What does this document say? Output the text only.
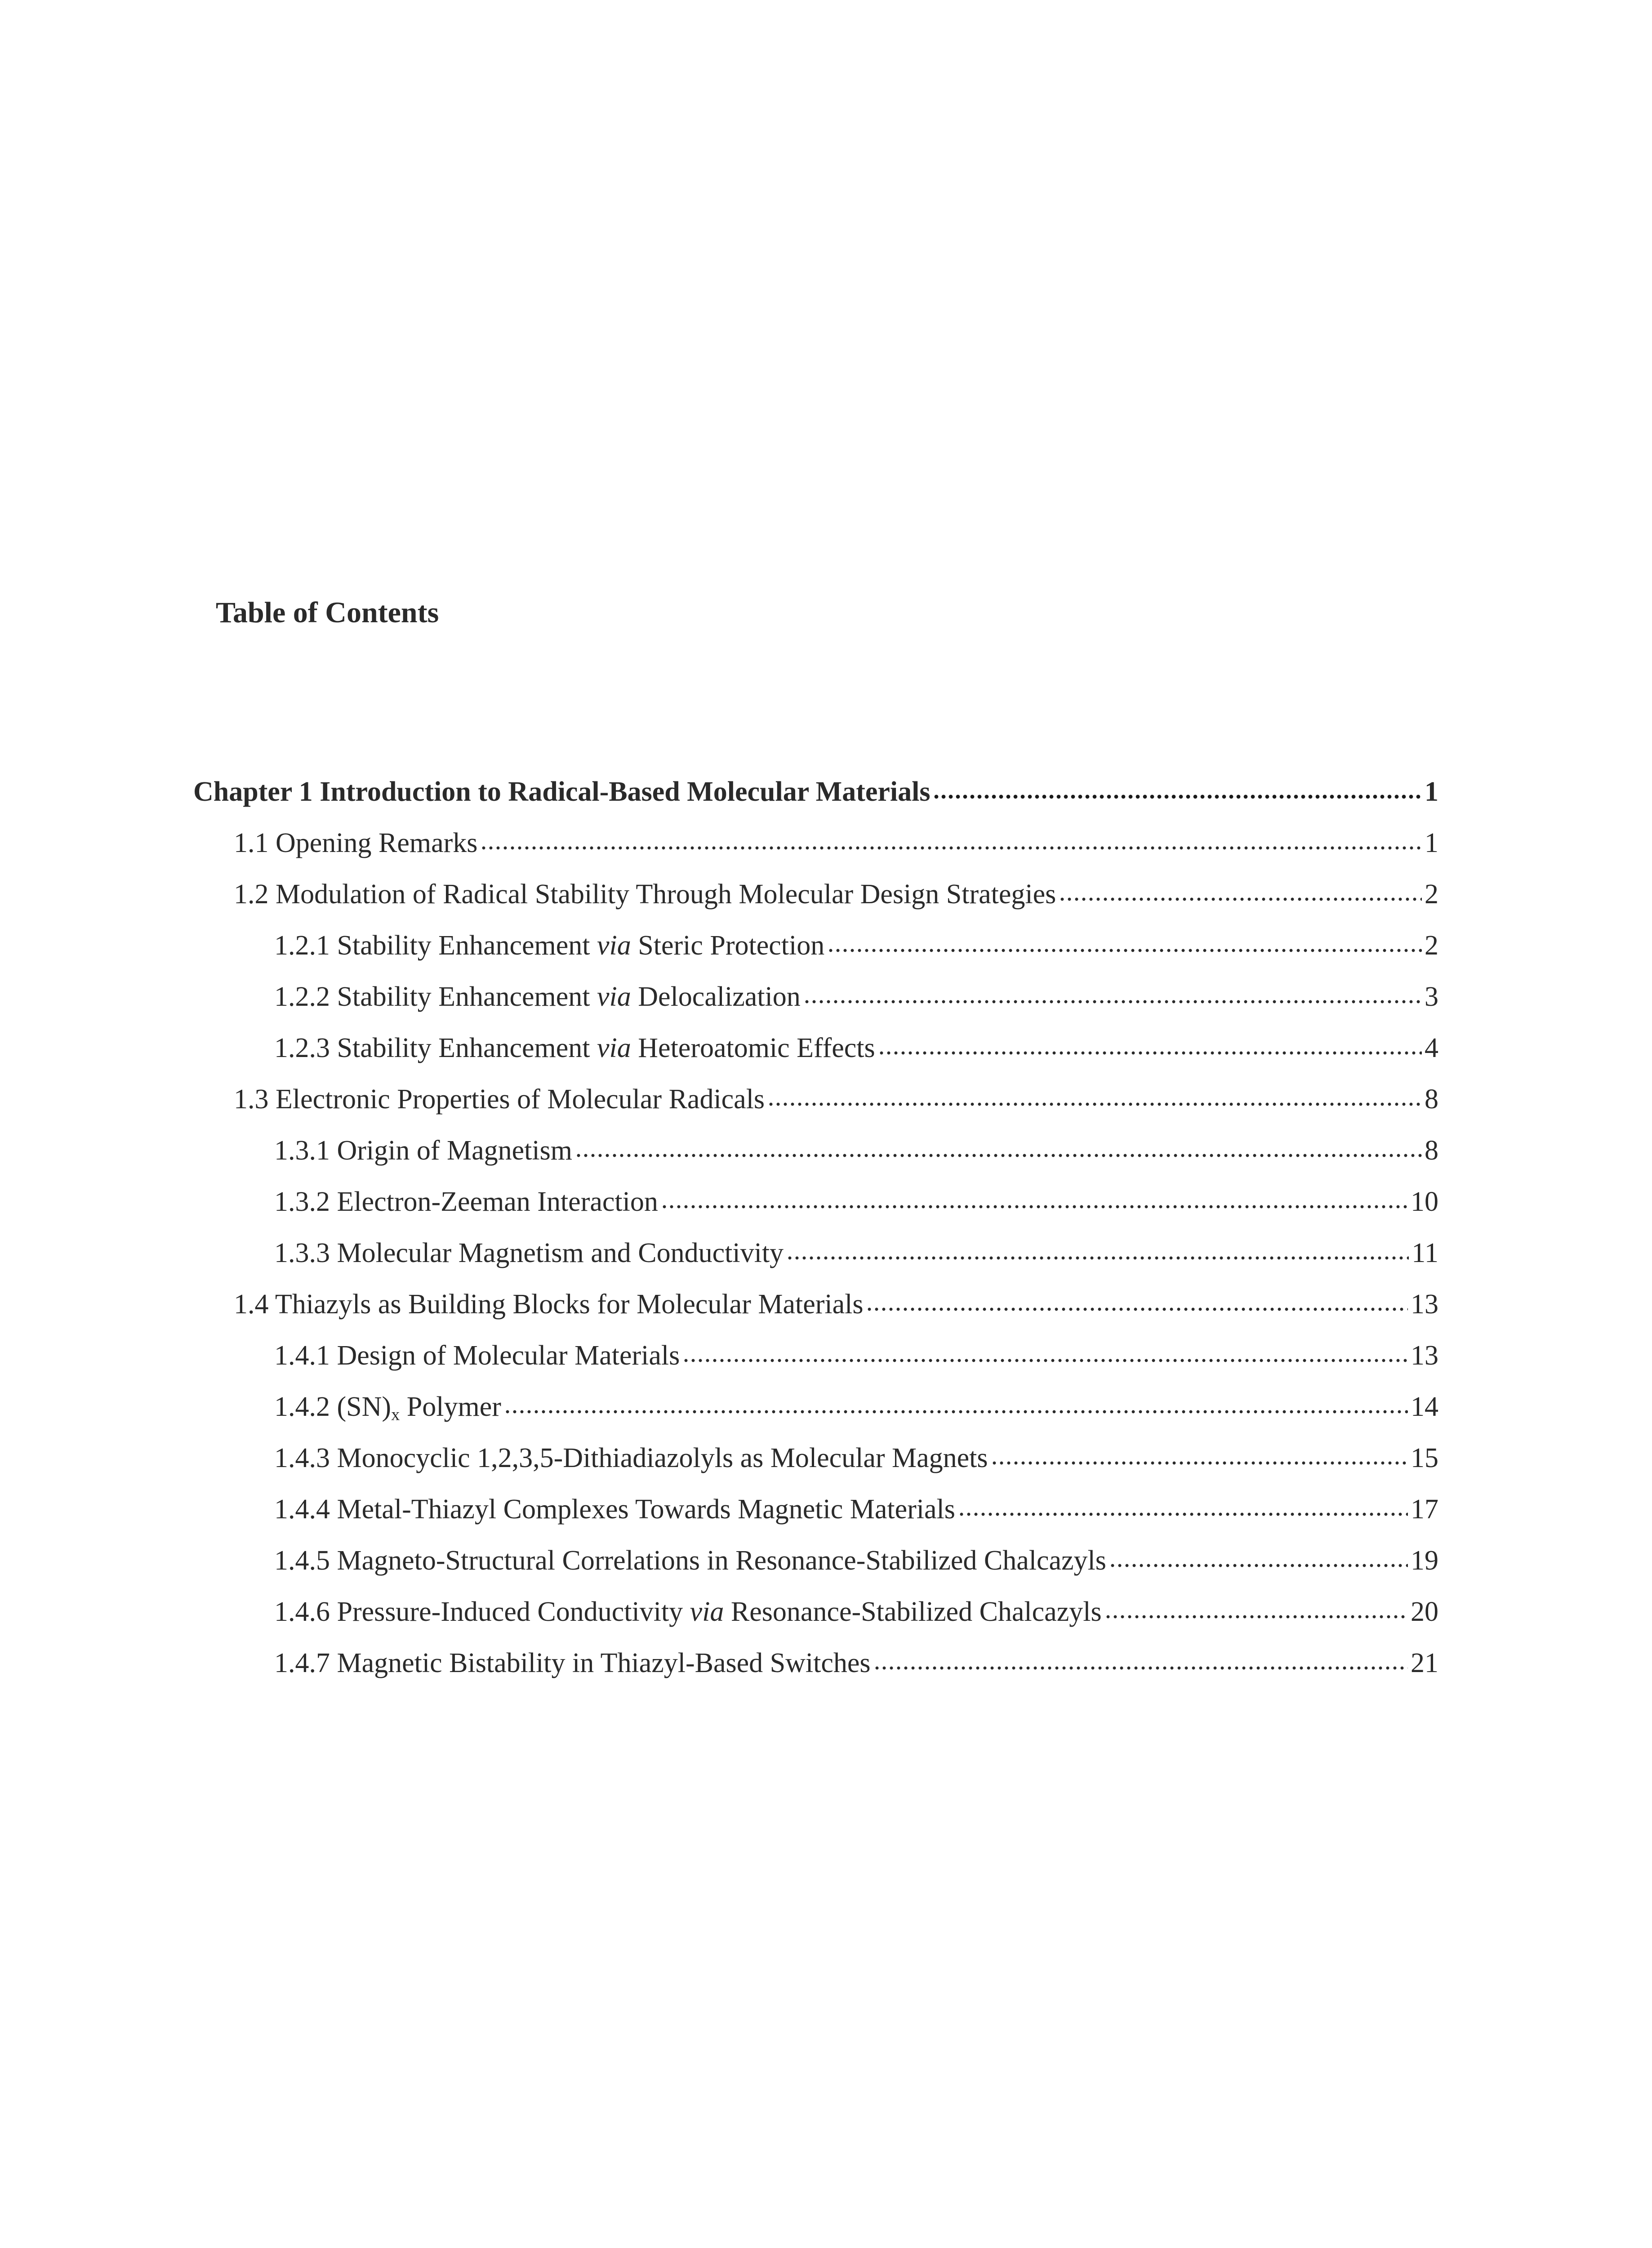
Table of Contents
Chapter 1 Introduction to Radical-Based Molecular Materials	1
1.1 Opening Remarks	1
1.2 Modulation of Radical Stability Through Molecular Design Strategies	2
1.2.1 Stability Enhancement via Steric Protection	2
1.2.2 Stability Enhancement via Delocalization	3
1.2.3 Stability Enhancement via Heteroatomic Effects	4
1.3 Electronic Properties of Molecular Radicals	8
1.3.1 Origin of Magnetism	8
1.3.2 Electron-Zeeman Interaction	10
1.3.3 Molecular Magnetism and Conductivity	11
1.4 Thiazyls as Building Blocks for Molecular Materials	13
1.4.1 Design of Molecular Materials	13
1.4.2 $(SN)_x$ Polymer	14
1.4.3 Monocyclic 1,2,3,5-Dithiadiazolyls as Molecular Magnets	15
1.4.4 Metal-Thiazyl Complexes Towards Magnetic Materials	17
1.4.5 Magneto-Structural Correlations in Resonance-Stabilized Chalcazyls	19
1.4.6 Pressure-Induced Conductivity via Resonance-Stabilized Chalcazyls	20
1.4.7 Magnetic Bistability in Thiazyl-Based Switches	21
